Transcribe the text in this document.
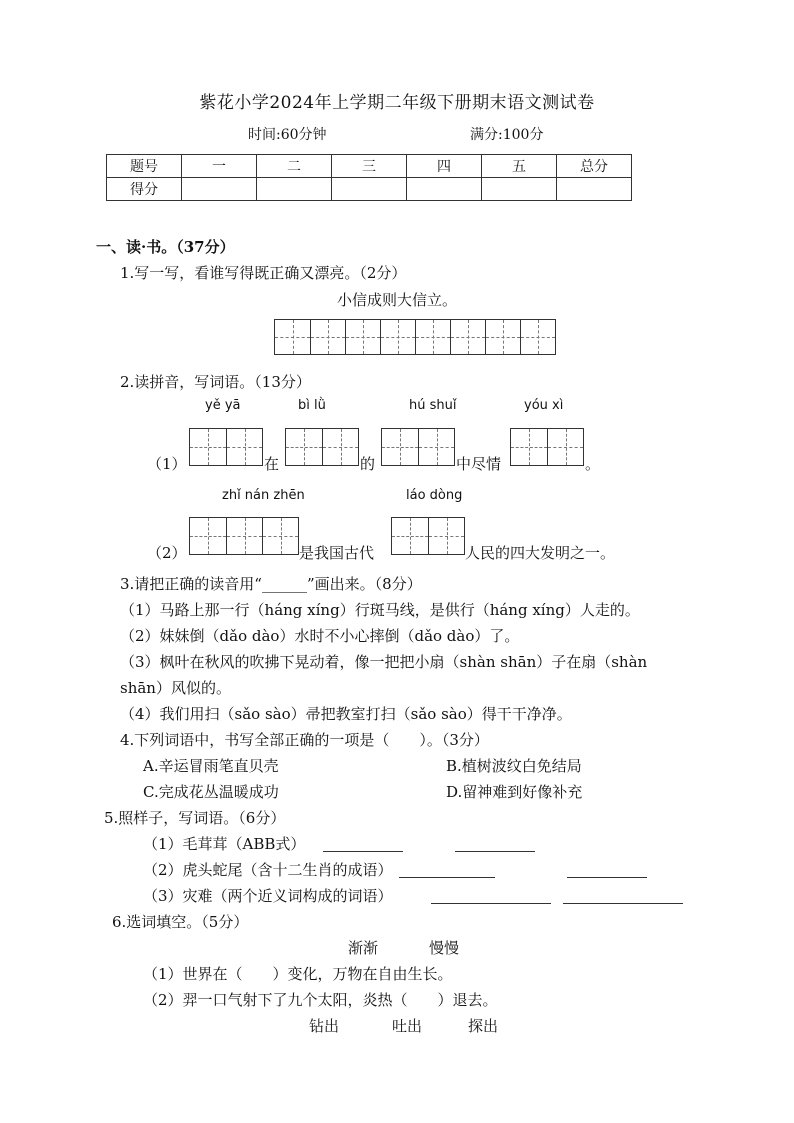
紫花小学2024年上学期二年级下册期末语文测试卷
时间:60分钟	满分:100分
题号	一	二	三	四	五	总分
得分						
一、读·书。（37分）
1.写一写，看谁写得既正确又漂亮。（2分）
小信成则大信立。
2.读拼音，写词语。（13分）
yě yā	bì lǜ	hú shuǐ	yóu xì
（1）	在	的	中尽情	。
zhǐ nán zhēn	láo dòng
（2）	是我国古代	人民的四大发明之一。
3.请把正确的读音用“______”画出来。（8分）
（1）马路上那一行（háng xíng）行斑马线，是供行（háng xíng）人走的。
（2）妹妹倒（dǎo dào）水时不小心摔倒（dǎo dào）了。
（3）枫叶在秋风的吹拂下晃动着，像一把把小扇（shàn shān）子在扇（shàn
shān）风似的。
（4）我们用扫（sǎo sào）帚把教室打扫（sǎo sào）得干干净净。
4.下列词语中，书写全部正确的一项是（　　）。（3分）
A.辛运冒雨笔直贝壳	B.植树波纹白免结局
C.完成花丛温暖成功	D.留神难到好像补充
5.照样子，写词语。（6分）
（1）毛茸茸（ABB式）
（2）虎头蛇尾（含十二生肖的成语）
（3）灾难（两个近义词构成的词语）
6.选词填空。（5分）
渐渐	慢慢
（1）世界在（　　）变化，万物在自由生长。
（2）羿一口气射下了九个太阳，炎热（　　）退去。
钻出	吐出	探出
